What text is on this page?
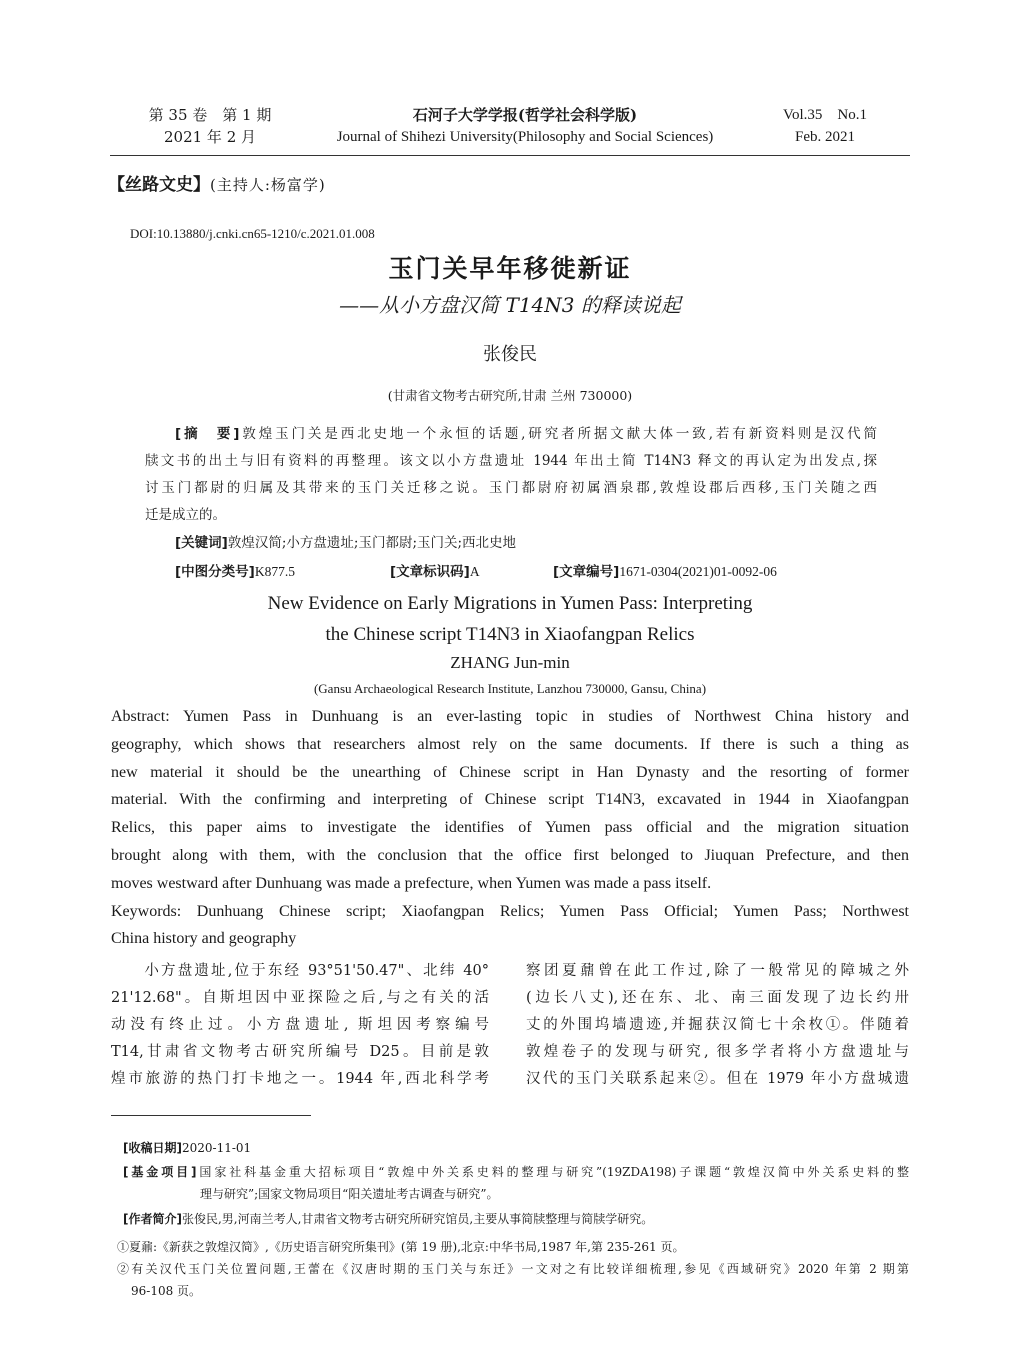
第 35 卷　第 1 期
2021 年 2 月
石河子大学学报(哲学社会科学版)
Journal of Shihezi University(Philosophy and Social Sciences)
Vol.35　No.1
Feb. 2021
【丝路文史】(主持人:杨富学)
DOI:10.13880/j.cnki.cn65-1210/c.2021.01.008
玉门关早年移徙新证
——从小方盘汉简 T14N3 的释读说起
张俊民
(甘肃省文物考古研究所,甘肃 兰州 730000)
[摘　要]敦煌玉门关是西北史地一个永恒的话题,研究者所据文献大体一致,若有新资料则是汉代简
牍文书的出土与旧有资料的再整理。该文以小方盘遗址 1944 年出土简 T14N3 释文的再认定为出发点,探
讨玉门都尉的归属及其带来的玉门关迁移之说。玉门都尉府初属酒泉郡,敦煌设郡后西移,玉门关随之西
迁是成立的。
[关键词]敦煌汉简;小方盘遗址;玉门都尉;玉门关;西北史地
[中图分类号]K877.5	[文章标识码]A	[文章编号]1671-0304(2021)01-0092-06
New Evidence on Early Migrations in Yumen Pass: Interpreting
the Chinese script T14N3 in Xiaofangpan Relics
ZHANG Jun-min
(Gansu Archaeological Research Institute, Lanzhou 730000, Gansu, China)
Abstract: Yumen Pass in Dunhuang is an ever-lasting topic in studies of Northwest China history and
geography, which shows that researchers almost rely on the same documents. If there is such a thing as
new material it should be the unearthing of Chinese script in Han Dynasty and the resorting of former
material. With the confirming and interpreting of Chinese script T14N3, excavated in 1944 in Xiaofangpan
Relics, this paper aims to investigate the identifies of Yumen pass official and the migration situation
brought along with them, with the conclusion that the office first belonged to Jiuquan Prefecture, and then
moves westward after Dunhuang was made a prefecture, when Yumen was made a pass itself.
Keywords: Dunhuang Chinese script; Xiaofangpan Relics; Yumen Pass Official; Yumen Pass; Northwest
China history and geography
　　小方盘遗址,位于东经 93°51'50.47"、北纬 40°
21'12.68"。自斯坦因中亚探险之后,与之有关的活
动没有终止过。小方盘遗址, 斯坦因考察编号
T14,甘肃省文物考古研究所编号 D25。目前是敦
煌市旅游的热门打卡地之一。1944 年,西北科学考
察团夏鼐曾在此工作过,除了一般常见的障城之外
(边长八丈),还在东、北、南三面发现了边长约卅
丈的外围坞墙遗迹,并掘获汉简七十余枚①。伴随着
敦煌卷子的发现与研究, 很多学者将小方盘遗址与
汉代的玉门关联系起来②。但在 1979 年小方盘城遗
[收稿日期]2020-11-01
[基金项目]国家社科基金重大招标项目“敦煌中外关系史料的整理与研究”(19ZDA198)子课题“敦煌汉简中外关系史料的整
理与研究”;国家文物局项目“阳关遗址考古调查与研究”。
[作者简介]张俊民,男,河南兰考人,甘肃省文物考古研究所研究馆员,主要从事简牍整理与简牍学研究。
①夏鼐:《新获之敦煌汉简》,《历史语言研究所集刊》(第 19 册),北京:中华书局,1987 年,第 235-261 页。
②有关汉代玉门关位置问题,王蕾在《汉唐时期的玉门关与东迁》一文对之有比较详细梳理,参见《西域研究》2020 年第 2 期第
96-108 页。
